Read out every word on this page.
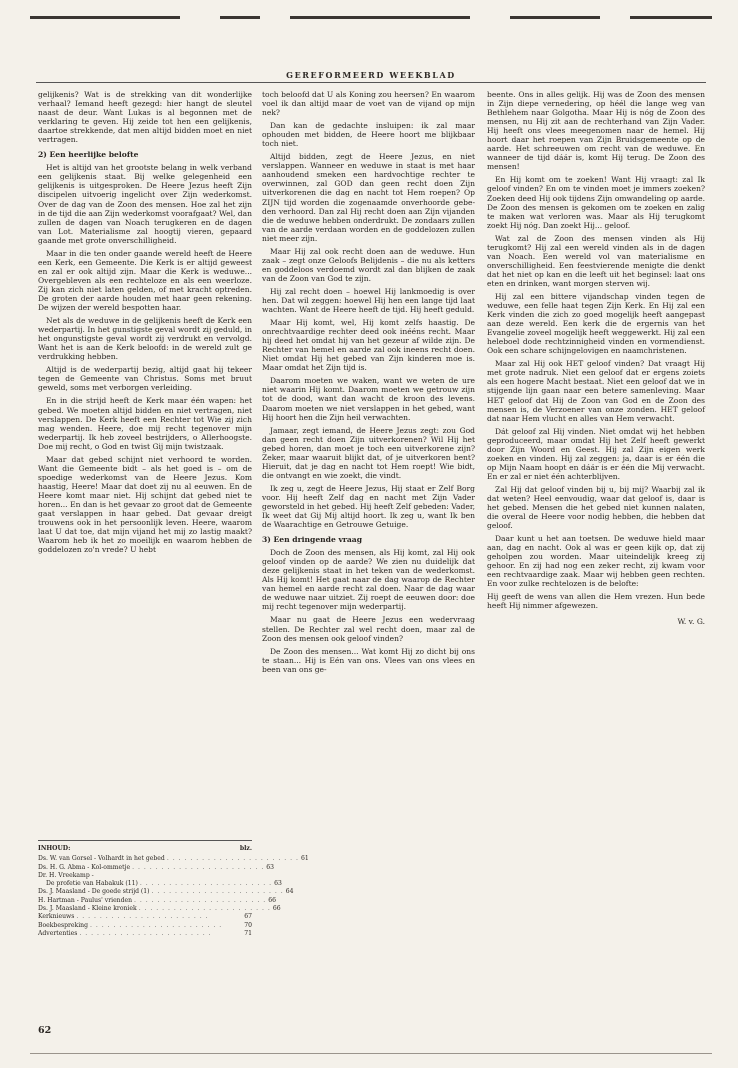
GEREFORMEERD WEEKBLAD

gelijkenis? Wat is de strekking van dit wonderlijke verhaal? Iemand heeft gezegd: hier hangt de sleutel naast de deur. Want Lukas is al begonnen met de verklaring te geven. Hij zeide tot hen een gelijkenis, daartoe strekkende, dat men altijd bidden moet en niet vertragen.

2) Een heerlijke belofte

Het is altijd van het grootste belang in welk verband een gelijkenis staat. Bij welke gelegenheid een gelijkenis is uitgesproken. De Heere Jezus heeft Zijn discipelen uitvoerig ingelicht over Zijn wederkomst. Over de dag van de Zoon des mensen. Hoe zal het zijn in de tijd die aan Zijn wederkomst voorafgaat? Wel, dan zullen de dagen van Noach terugkeren en de dagen van Lot. Materialisme zal hoogtij vieren, gepaard gaande met grote onverschilligheid.

Maar in die ten onder gaande wereld heeft de Heere een Kerk, een Gemeente. Die Kerk is er altijd geweest en zal er ook altijd zijn. Maar die Kerk is weduwe... Overgebleven als een rechteloze en als een weerloze. Zij kan zich niet laten gelden, of met kracht optreden. De groten der aarde houden met haar geen rekening. De wijzen der wereld bespotten haar.

Net als de weduwe in de gelijkenis heeft de Kerk een wederpartij. In het gunstigste geval wordt zij geduld, in het ongunstigste geval wordt zij verdrukt en vervolgd. Want het is aan de Kerk beloofd: in de wereld zult ge verdrukking hebben.

Altijd is de wederpartij bezig, altijd gaat hij tekeer tegen de Gemeente van Christus. Soms met bruut geweld, soms met verborgen verleiding.

En in die strijd heeft de Kerk maar één wapen: het gebed. We moeten altijd bidden en niet vertragen, niet verslappen. De Kerk heeft een Rechter tot Wie zij zich mag wenden. Heere, doe mij recht tegenover mijn wederpartij. Ik heb zoveel bestrijders, o Allerhoogste. Doe mij recht, o God en twist Gij mijn twistzaak.

Maar dat gebed schijnt niet verhoord te worden. Want die Gemeente bidt – als het goed is – om de spoedige wederkomst van de Heere Jezus. Kom haastig, Heere! Maar dat doet zij nu al eeuwen. En de Heere komt maar niet. Hij schijnt dat gebed niet te horen... En dan is het gevaar zo groot dat de Gemeente gaat verslappen in haar gebed. Dat gevaar dreigt trouwens ook in het persoonlijk leven. Heere, waarom laat U dat toe, dat mijn vijand het mij zo lastig maakt? Waarom heb ik het zo moeilijk en waarom hebben de goddelozen zo'n vrede? U hebt

INHOUD:	blz.
Ds. W. van Gorsel - Volhardt in het gebed . . . . . . . . . . . . . . . . . . . . . . . 61
Ds. H. G. Abma - Kol-ommetje . . . . . . . . . . . . . . . . . . . . . . . 63
Dr. H. Vreekamp -
De profetie van Habakuk (11) . . . . . . . . . . . . . . . . . . . . . . . 63
Ds. J. Maasland - De goede strijd (1) . . . . . . . . . . . . . . . . . . . . . . . 64
H. Hartman - Paulus' vrienden . . . . . . . . . . . . . . . . . . . . . . . 66
Ds. J. Maasland - Kleine kroniek . . . . . . . . . . . . . . . . . . . . . . . 66
Kerknieuws . . . . . . . . . . . . . . . . . . . . . . .	67
Boekbespreking . . . . . . . . . . . . . . . . . . . . . . .	70
Advertenties . . . . . . . . . . . . . . . . . . . . . . .	71

toch beloofd dat U als Koning zou heersen? En waarom voel ik dan altijd maar de voet van de vijand op mijn nek?

Dan kan de gedachte insluipen: ik zal maar ophouden met bidden, de Heere hoort me blijkbaar toch niet.

Altijd bidden, zegt de Heere Jezus, en niet verslappen. Wanneer en weduwe in staat is met haar aanhoudend smeken een hardvochtige rechter te overwinnen, zal GOD dan geen recht doen Zijn uitverkorenen die dag en nacht tot Hem roepen? Op ZIJN tijd worden die zogenaamde onverhoorde gebeden verhoord. Dan zal Hij recht doen aan Zijn vijanden die de weduwe hebben onderdrukt. De zondaars zullen van de aarde verdaan worden en de goddelozen zullen niet meer zijn.

Maar Hij zal ook recht doen aan de weduwe. Hun zaak – zegt onze Geloofs Belijdenis – die nu als ketters en goddeloos verdoemd wordt zal dan blijken de zaak van de Zoon van God te zijn.

Hij zal recht doen – hoewel Hij lankmoedig is over hen. Dat wil zeggen: hoewel Hij hen een lange tijd laat wachten. Want de Heere heeft de tijd. Hij heeft geduld.

Maar Hij komt, wel, Hij komt zelfs haastig. De onrechtvaardige rechter deed ook inééns recht. Maar hij deed het omdat hij van het gezeur af wilde zijn. De Rechter van hemel en aarde zal ook ineens recht doen. Niet omdat Hij het gebed van Zijn kinderen moe is. Maar omdat het Zijn tijd is.

Daarom moeten we waken, want we weten de ure niet waarin Hij komt. Daarom moeten we getrouw zijn tot de dood, want dan wacht de kroon des levens. Daarom moeten we niet verslappen in het gebed, want Hij hoort hen die Zijn heil verwachten.

Jamaar, zegt iemand, de Heere Jezus zegt: zou God dan geen recht doen Zijn uitverkorenen? Wil Hij het gebed horen, dan moet je toch een uitverkorene zijn? Zeker, maar waaruit blijkt dat, of je uitverkoren bent? Hieruit, dat je dag en nacht tot Hem roept! Wie bidt, die ontvangt en wie zoekt, die vindt.

Ik zeg u, zegt de Heere Jezus, Hij staat er Zelf Borg voor. Hij heeft Zelf dag en nacht met Zijn Vader geworsteld in het gebed. Hij heeft Zelf gebeden: Vader, Ik weet dat Gij Mij altijd hoort. Ik zeg u, want Ik ben de Waarachtige en Getrouwe Getuige.

3) Een dringende vraag

Doch de Zoon des mensen, als Hij komt, zal Hij ook geloof vinden op de aarde? We zien nu duidelijk dat deze gelijkenis staat in het teken van de wederkomst. Als Hij komt! Het gaat naar de dag waarop de Rechter van hemel en aarde recht zal doen. Naar de dag waar de weduwe naar uitziet. Zij roept de eeuwen door: doe mij recht tegenover mijn wederpartij.

Maar nu gaat de Heere Jezus een wedervraag stellen. De Rechter zal wel recht doen, maar zal de Zoon des mensen ook geloof vinden?

De Zoon des mensen... Wat komt Hij zo dicht bij ons te staan... Hij is Eén van ons. Vlees van ons vlees en been van ons ge-

beente. Ons in alles gelijk. Hij was de Zoon des mensen in Zijn diepe vernedering, op héél die lange weg van Bethlehem naar Golgotha. Maar Hij is nóg de Zoon des mensen, nu Hij zit aan de rechterhand van Zijn Vader. Hij heeft ons vlees meegenomen naar de hemel. Hij hoort daar het roepen van Zijn Bruidsgemeente op de aarde. Het schreeuwen om recht van de weduwe. En wanneer de tijd dáár is, komt Hij terug. De Zoon des mensen!

En Hij komt om te zoeken! Want Hij vraagt: zal Ik geloof vinden? En om te vinden moet je immers zoeken? Zoeken deed Hij ook tijdens Zijn omwandeling op aarde. De Zoon des mensen is gekomen om te zoeken en zalig te maken wat verloren was. Maar als Hij terugkomt zoekt Hij nóg. Dan zoekt Hij... geloof.

Wat zal de Zoon des mensen vinden als Hij terugkomt? Hij zal een wereld vinden als in de dagen van Noach. Een wereld vol van materialisme en onverschilligheid. Een feestvierende menigte die denkt dat het niet op kan en die leeft uit het beginsel: laat ons eten en drinken, want morgen sterven wij.

Hij zal een bittere vijandschap vinden tegen de weduwe, een felle haat tegen Zijn Kerk. En Hij zal een Kerk vinden die zich zo goed mogelijk heeft aangepast aan deze wereld. Een kerk die de ergernis van het Evangelie zoveel mogelijk heeft weggewerkt. Hij zal een heleboel dode rechtzinnigheid vinden en vormendienst. Ook een schare schijngelovigen en naamchristenen.

Maar zal Hij ook HET geloof vinden? Dat vraagt Hij met grote nadruk. Niet een geloof dat er ergens zoiets als een hogere Macht bestaat. Niet een geloof dat we in stijgende lijn gaan naar een betere samenleving. Maar HET geloof dat Hij de Zoon van God en de Zoon des mensen is, de Verzoener van onze zonden. HET geloof dat naar Hem vlucht en alles van Hem verwacht.

Dát geloof zal Hij vinden. Niet omdat wij het hebben geproduceerd, maar omdat Hij het Zelf heeft gewerkt door Zijn Woord en Geest. Hij zal Zijn eigen werk zoeken en vinden. Hij zal zeggen: ja, daar is er één die op Mijn Naam hoopt en dáár is er één die Mij verwacht. En er zal er niet één achterblijven.

Zal Hij dat geloof vinden bij u, bij mij? Waarbij zal ik dat weten? Heel eenvoudig, waar dat geloof is, daar is het gebed. Mensen die het gebed niet kunnen nalaten, die overal de Heere voor nodig hebben, die hebben dat geloof.

Daar kunt u het aan toetsen. De weduwe hield maar aan, dag en nacht. Ook al was er geen kijk op, dat zij geholpen zou worden. Maar uiteindelijk kreeg zij gehoor. En zij had nog een zeker recht, zij kwam voor een rechtvaardige zaak. Maar wij hebben geen rechten. En voor zulke rechtelozen is de belofte:

Hij geeft de wens van allen die Hem vrezen. Hun bede heeft Hij nimmer afgewezen.

W. v. G.
62
